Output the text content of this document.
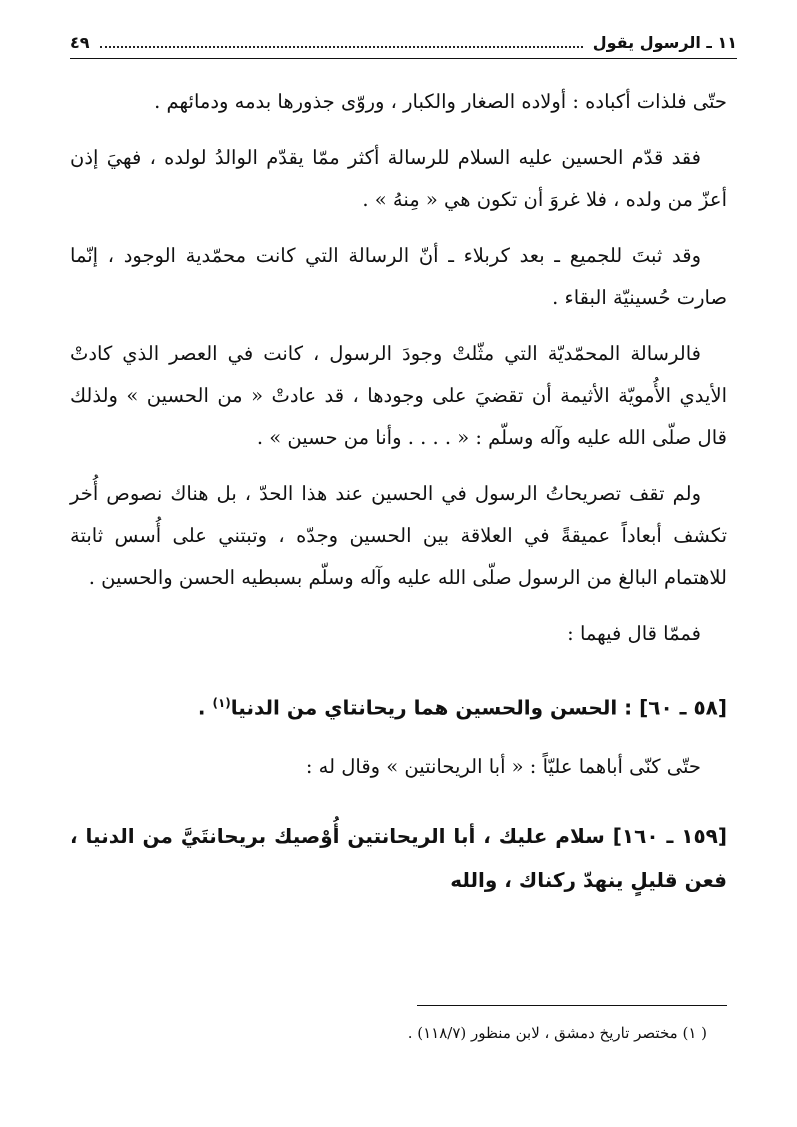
١١ ـ الرسول يقول
٤٩

حتّى فلذات أكباده : أولاده الصغار والكبار ، وروّى جذورها بدمه ودمائهم .

فقد قدّم الحسين عليه السلام للرسالة أكثر ممّا يقدّم الوالدُ لولده ، فهيَ إذن أعزّ من ولده ، فلا غروَ أن تكون هي « مِنهُ » .

وقد ثبتَ للجميع ـ بعد كربلاء ـ أنّ الرسالة التي كانت محمّدية الوجود ، إنّما صارت حُسينيّة البقاء .

فالرسالة المحمّديّة التي مثّلتْ وجودَ الرسول ، كانت في العصر الذي كادتْ الأيدي الأُمويّة الأثيمة أن تقضيَ على وجودها ، قد عادتْ « من الحسين » ولذلك قال صلّى الله عليه وآله وسلّم : « . . . . وأنا من حسين » .

ولم تقف تصريحاتُ الرسول في الحسين عند هذا الحدّ ، بل هناك نصوص أُخر تكشف أبعاداً عميقةً في العلاقة بين الحسين وجدّه ، وتبتني على أُسس ثابتة للاهتمام البالغ من الرسول صلّى الله عليه وآله وسلّم بسبطيه الحسن والحسين .

فممّا قال فيهما :

[٥٨ ـ ٦٠] : الحسن والحسين هما ريحانتاي من الدنيا$^{(١)}$ .

حتّى كنّى أباهما عليّاً : « أبا الريحانتين » وقال له :

[١٥٩ ـ ١٦٠] سلام عليك ، أبا الريحانتين أُوْصيك بريحانتَيَّ من الدنيا ، فعن قليلٍ ينهدّ ركناك ، والله
( ١) مختصر تاريخ دمشق ، لابن منظور (١١٨/٧) .
